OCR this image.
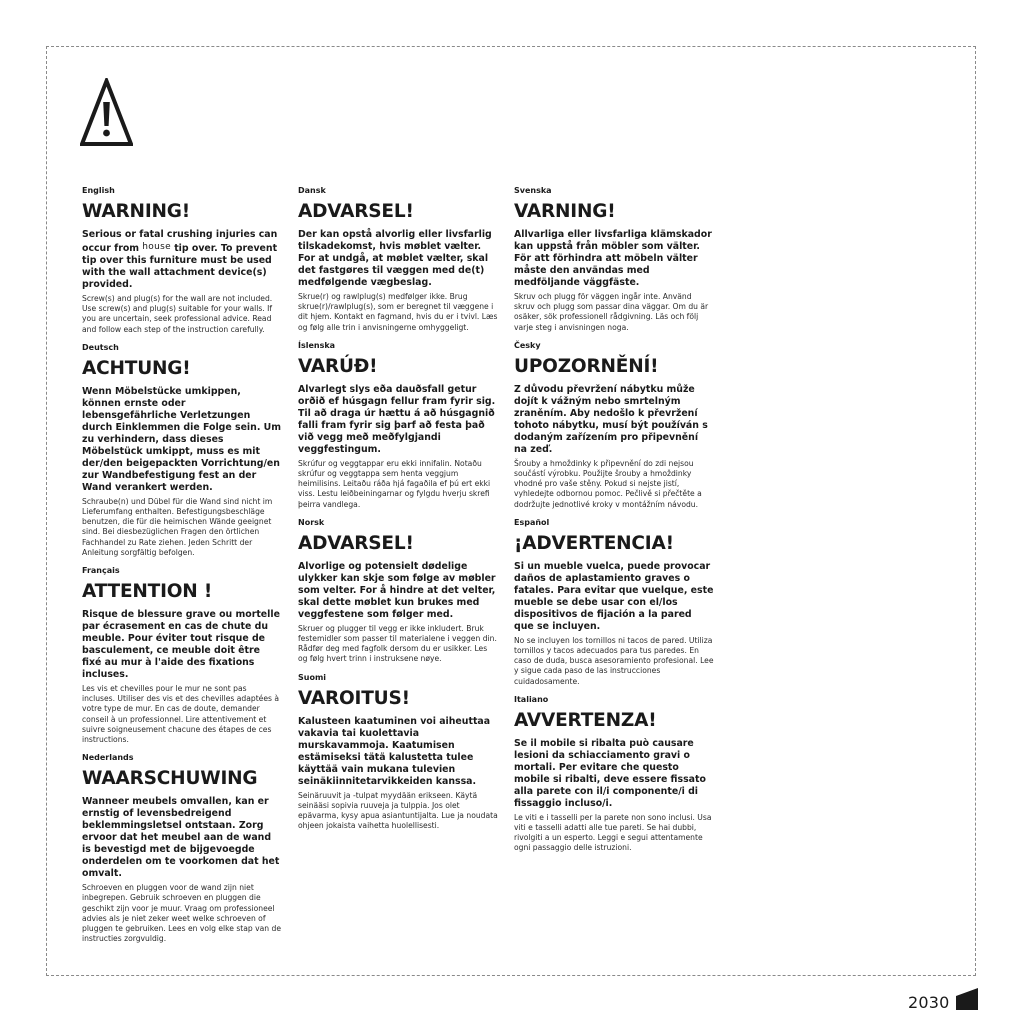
English

WARNING!

Serious or fatal crushing injuries can occur from house tip over. To prevent tip over this furniture must be used with the wall attachment device(s) provided.

Screw(s) and plug(s) for the wall are not included. Use screw(s) and plug(s) suitable for your walls. If you are uncertain, seek professional advice. Read and follow each step of the instruction carefully.

Deutsch

ACHTUNG!

Wenn Möbelstücke umkippen, können ernste oder lebensgefährliche Verletzungen durch Einklemmen die Folge sein. Um zu verhindern, dass dieses Möbelstück umkippt, muss es mit der/den beigepackten Vorrichtung/en zur Wandbefestigung fest an der Wand verankert werden.

Schraube(n) und Dübel für die Wand sind nicht im Lieferumfang enthalten. Befestigungsbeschläge benutzen, die für die heimischen Wände geeignet sind. Bei diesbezüglichen Fragen den örtlichen Fachhandel zu Rate ziehen. Jeden Schritt der Anleitung sorgfältig befolgen.

Français

ATTENTION !

Risque de blessure grave ou mortelle par écrasement en cas de chute du meuble. Pour éviter tout risque de basculement, ce meuble doit être fixé au mur à l'aide des fixations incluses.

Les vis et chevilles pour le mur ne sont pas incluses. Utiliser des vis et des chevilles adaptées à votre type de mur. En cas de doute, demander conseil à un professionnel. Lire attentivement et suivre soigneusement chacune des étapes de ces instructions.

Nederlands

WAARSCHUWING

Wanneer meubels omvallen, kan er ernstig of levensbedreigend beklemmingsletsel ontstaan. Zorg ervoor dat het meubel aan de wand is bevestigd met de bijgevoegde onderdelen om te voorkomen dat het omvalt.

Schroeven en pluggen voor de wand zijn niet inbegrepen. Gebruik schroeven en pluggen die geschikt zijn voor je muur. Vraag om professioneel advies als je niet zeker weet welke schroeven of pluggen te gebruiken. Lees en volg elke stap van de instructies zorgvuldig.

Dansk

ADVARSEL!

Der kan opstå alvorlig eller livsfarlig tilskadekomst, hvis møblet vælter. For at undgå, at møblet vælter, skal det fastgøres til væggen med de(t) medfølgende vægbeslag.

Skrue(r) og rawlplug(s) medfølger ikke. Brug skrue(r)/rawlplug(s), som er beregnet til væggene i dit hjem. Kontakt en fagmand, hvis du er i tvivl. Læs og følg alle trin i anvisningerne omhyggeligt.

Íslenska

VARÚÐ!

Alvarlegt slys eða dauðsfall getur orðið ef húsgagn fellur fram fyrir sig. Til að draga úr hættu á að húsgagnið falli fram fyrir sig þarf að festa það við vegg með meðfylgjandi veggfestingum.

Skrúfur og veggtappar eru ekki innifalin. Notaðu skrúfur og veggtappa sem henta veggjum heimilisins. Leitaðu ráða hjá fagaðila ef þú ert ekki viss. Lestu leiðbeiningarnar og fylgdu hverju skrefi þeirra vandlega.

Norsk

ADVARSEL!

Alvorlige og potensielt dødelige ulykker kan skje som følge av møbler som velter. For å hindre at det velter, skal dette møblet kun brukes med veggfestene som følger med.

Skruer og plugger til vegg er ikke inkludert. Bruk festemidler som passer til materialene i veggen din. Rådfør deg med fagfolk dersom du er usikker. Les og følg hvert trinn i instruksene nøye.

Suomi

VAROITUS!

Kalusteen kaatuminen voi aiheuttaa vakavia tai kuolettavia murskavammoja. Kaatumisen estämiseksi tätä kalustetta tulee käyttää vain mukana tulevien seinäkiinnitetarvikkeiden kanssa.

Seinäruuvit ja -tulpat myydään erikseen. Käytä seinääsi sopivia ruuveja ja tulppia. Jos olet epävarma, kysy apua asiantuntijalta. Lue ja noudata ohjeen jokaista vaihetta huolellisesti.

Svenska

VARNING!

Allvarliga eller livsfarliga klämskador kan uppstå från möbler som välter. För att förhindra att möbeln välter måste den användas med medföljande väggfäste.

Skruv och plugg för väggen ingår inte. Använd skruv och plugg som passar dina väggar. Om du är osäker, sök professionell rådgivning. Läs och följ varje steg i anvisningen noga.

Česky

UPOZORNĚNÍ!

Z důvodu převržení nábytku může dojít k vážným nebo smrtelným zraněním. Aby nedošlo k převržení tohoto nábytku, musí být používán s dodaným zařízením pro připevnění na zeď.

Šrouby a hmoždinky k připevnění do zdi nejsou součástí výrobku. Použijte šrouby a hmoždinky vhodné pro vaše stěny. Pokud si nejste jistí, vyhledejte odbornou pomoc. Pečlivě si přečtěte a dodržujte jednotlivé kroky v montážním návodu.

Español

¡ADVERTENCIA!

Si un mueble vuelca, puede provocar daños de aplastamiento graves o fatales. Para evitar que vuelque, este mueble se debe usar con el/los dispositivos de fijación a la pared que se incluyen.

No se incluyen los tornillos ni tacos de pared. Utiliza tornillos y tacos adecuados para tus paredes. En caso de duda, busca asesoramiento profesional. Lee y sigue cada paso de las instrucciones cuidadosamente.

Italiano

AVVERTENZA!

Se il mobile si ribalta può causare lesioni da schiacciamento gravi o mortali. Per evitare che questo mobile si ribalti, deve essere fissato alla parete con il/i componente/i di fissaggio incluso/i.

Le viti e i tasselli per la parete non sono inclusi. Usa viti e tasselli adatti alle tue pareti. Se hai dubbi, rivolgiti a un esperto. Leggi e segui attentamente ogni passaggio delle istruzioni.

2030
